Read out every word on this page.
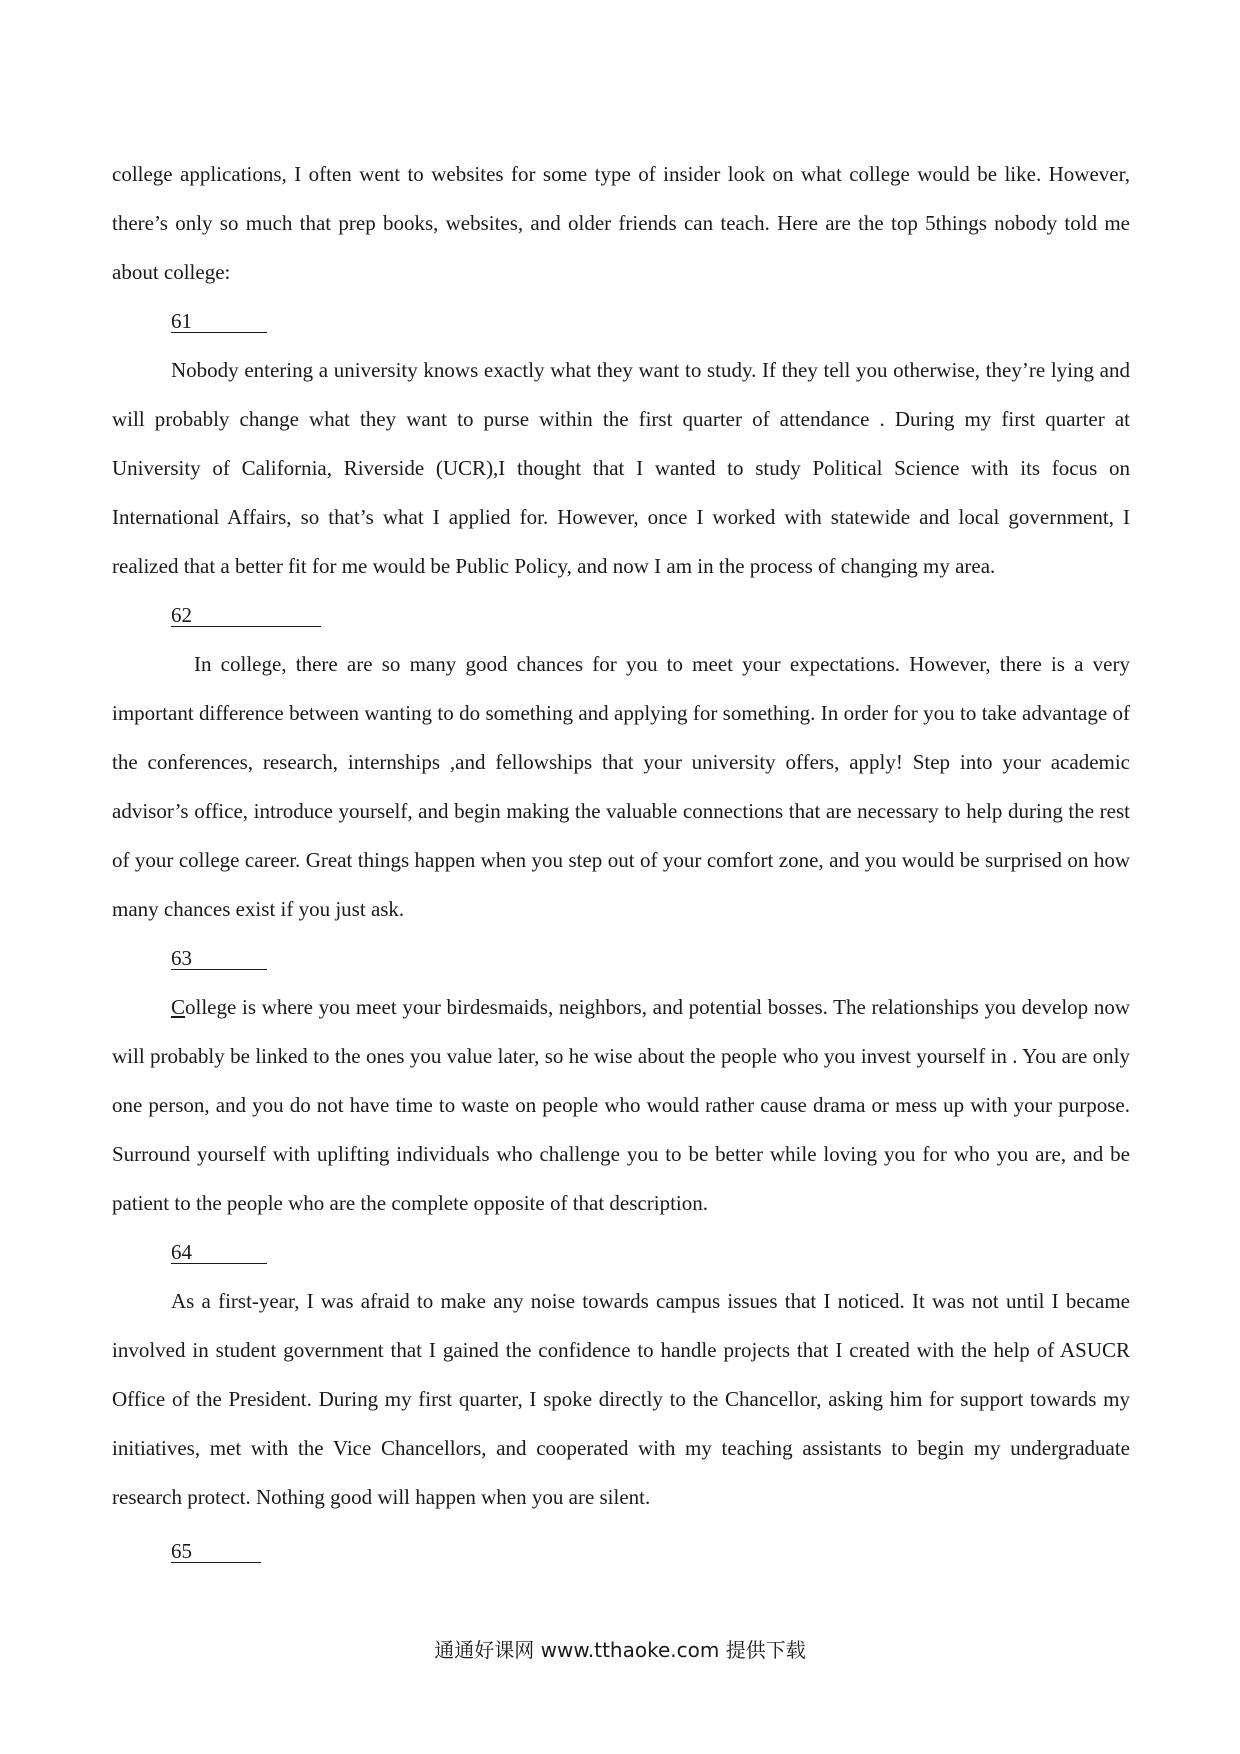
college applications, I often went to websites for some type of insider look on what college would be like. However, there’s only so much that prep books, websites, and older friends can teach. Here are the top 5things nobody told me about college:

61

Nobody entering a university knows exactly what they want to study. If they tell you otherwise, they’re lying and will probably change what they want to purse within the first quarter of attendance . During my first quarter at University of California, Riverside (UCR),I thought that I wanted to study Political Science with its focus on International Affairs, so that’s what I applied for. However, once I worked with statewide and local government, I realized that a better fit for me would be Public Policy, and now I am in the process of changing my area.

62

In college, there are so many good chances for you to meet your expectations. However, there is a very important difference between wanting to do something and applying for something. In order for you to take advantage of the conferences, research, internships ,and fellowships that your university offers, apply! Step into your academic advisor’s office, introduce yourself, and begin making the valuable connections that are necessary to help during the rest of your college career. Great things happen when you step out of your comfort zone, and you would be surprised on how many chances exist if you just ask.

63

College is where you meet your birdesmaids, neighbors, and potential bosses. The relationships you develop now will probably be linked to the ones you value later, so he wise about the people who you invest yourself in . You are only one person, and you do not have time to waste on people who would rather cause drama or mess up with your purpose. Surround yourself with uplifting individuals who challenge you to be better while loving you for who you are, and be patient to the people who are the complete opposite of that description.

64

As a first-year, I was afraid to make any noise towards campus issues that I noticed. It was not until I became involved in student government that I gained the confidence to handle projects that I created with the help of ASUCR Office of the President. During my first quarter, I spoke directly to the Chancellor, asking him for support towards my initiatives, met with the Vice Chancellors, and cooperated with my teaching assistants to begin my undergraduate research protect. Nothing good will happen when you are silent.

65

通通好课网 www.tthaoke.com 提供下载
